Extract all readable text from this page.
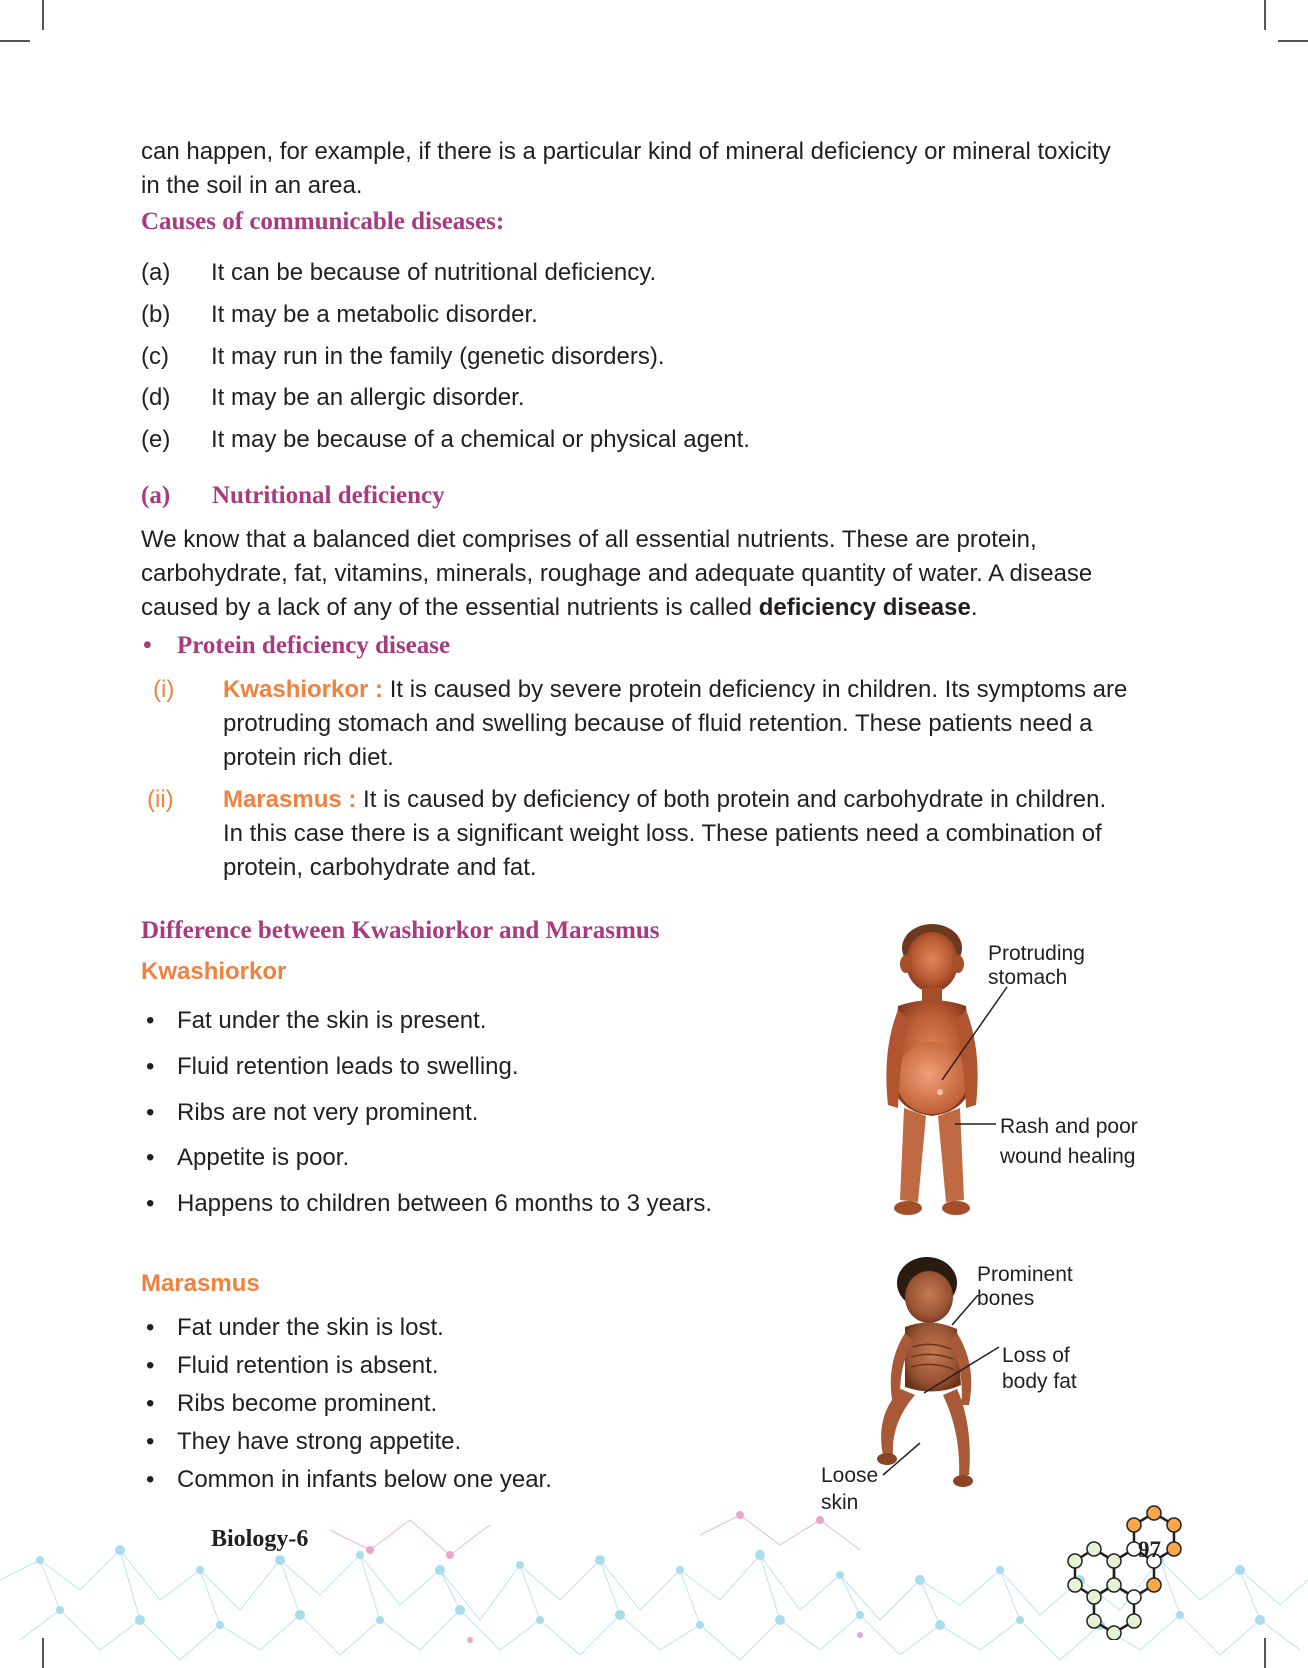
can happen, for example, if there is a particular kind of mineral deficiency or mineral toxicity
in the soil in an area.
Causes of communicable diseases:
(a) It can be because of nutritional deficiency.
(b) It may be a metabolic disorder.
(c) It may run in the family (genetic disorders).
(d) It may be an allergic disorder.
(e) It may be because of a chemical or physical agent.
(a) Nutritional deficiency
We know that a balanced diet comprises of all essential nutrients. These are protein,
carbohydrate, fat, vitamins, minerals, roughage and adequate quantity of water. A disease
caused by a lack of any of the essential nutrients is called deficiency disease.
• Protein deficiency disease
(i) Kwashiorkor : It is caused by severe protein deficiency in children. Its symptoms are
protruding stomach and swelling because of fluid retention. These patients need a
protein rich diet.
(ii) Marasmus : It is caused by deficiency of both protein and carbohydrate in children.
In this case there is a significant weight loss. These patients need a combination of
protein, carbohydrate and fat.
Difference between Kwashiorkor and Marasmus
Kwashiorkor
• Fat under the skin is present.
• Fluid retention leads to swelling.
• Ribs are not very prominent.
• Appetite is poor.
• Happens to children between 6 months to 3 years.
Marasmus
• Fat under the skin is lost.
• Fluid retention is absent.
• Ribs become prominent.
• They have strong appetite.
• Common in infants below one year.
Protruding
stomach
Rash and poor
wound healing
Prominent
bones
Loss of
body fat
Loose
skin
Biology-6	97
